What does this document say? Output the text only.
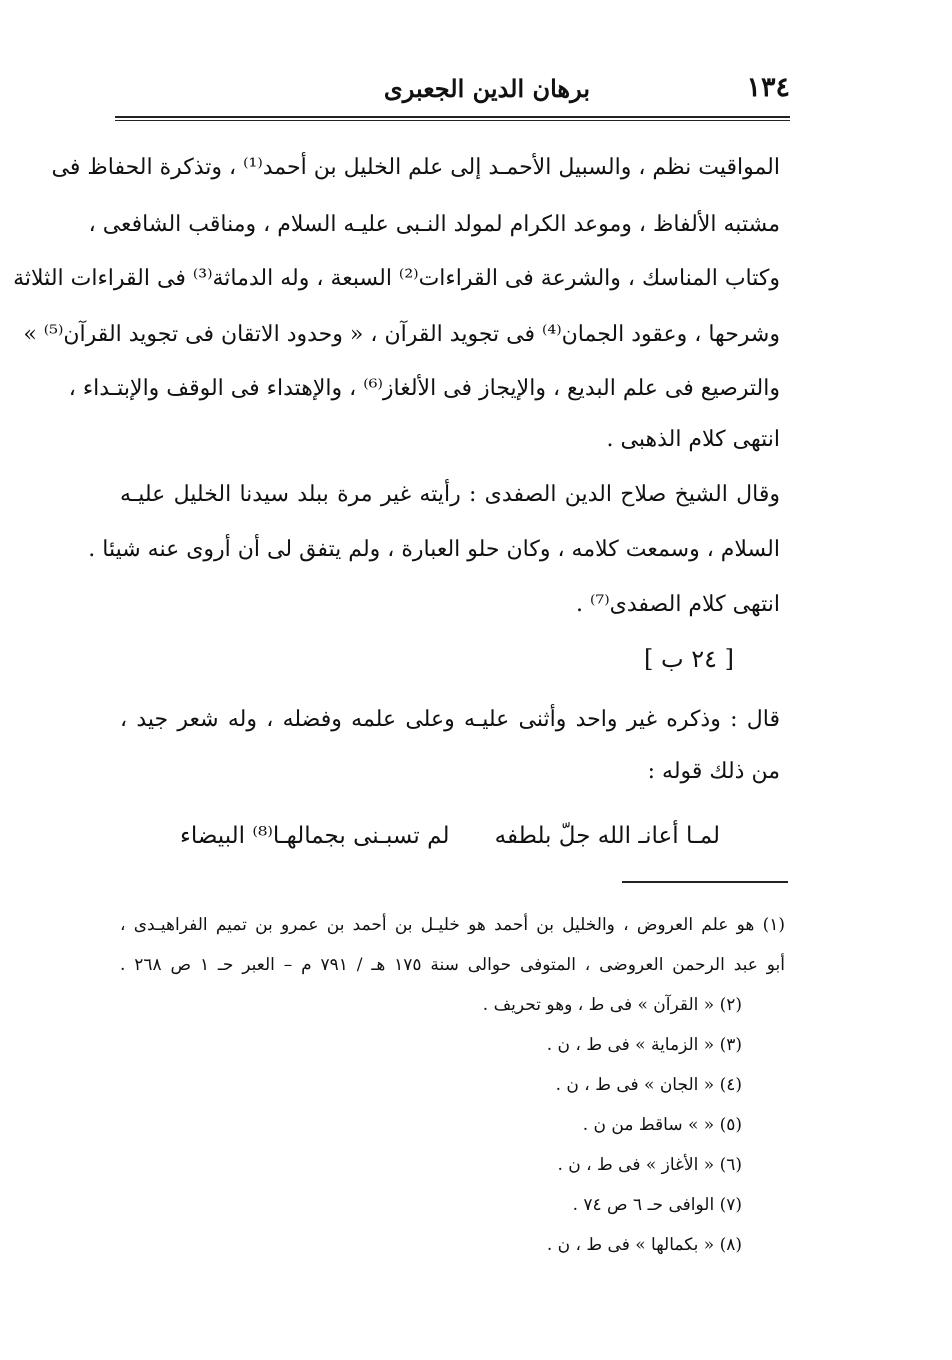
١٣٤
برهان الدين الجعبرى
المواقيت نظم ، والسبيل الأحمـد إلى علم الخليل بن أحمد⁽¹⁾ ، وتذكرة الحفاظ فى
مشتبه الألفاظ ، وموعد الكرام لمولد النـبى عليـه السلام ، ومناقب الشافعى ،
وكتاب المناسك ، والشرعة فى القراءات⁽²⁾ السبعة ، وله الدماثة⁽³⁾ فى القراءات الثلاثة
وشرحها ، وعقود الجمان⁽⁴⁾ فى تجويد القرآن ، « وحدود الاتقان فى تجويد القرآن⁽⁵⁾ »
والترصيع فى علم البديع ، والإيجاز فى الألغاز⁽⁶⁾ ، والإهتداء فى الوقف والإبتـداء ،
انتهى كلام الذهبى .
وقال الشيخ صلاح الدين الصفدى : رأيته غير مرة ببلد سيدنا الخليل عليـه
السلام ، وسمعت كلامه ، وكان حلو العبارة ، ولم يتفق لى أن أروى عنه شيئا .
انتهى كلام الصفدى⁽⁷⁾ .
[ ٢٤ ب ]
قال : وذكره غير واحد وأثنى عليـه وعلى علمه وفضله ، وله شعر جيد ،
من ذلك قوله :
لمـا أعانـ الله جلّ بلطفه
لم تسبـنى بجمالهـا⁽⁸⁾ البيضاء
(١) هو علم العروض ، والخليل بن أحمد هو خليـل بن أحمد بن عمرو بن تميم الفراهيـدى ،
أبو عبد الرحمن العروضى ، المتوفى حوالى سنة ١٧٥ هـ / ٧٩١ م – العبر حـ ١ ص ٢٦٨ .
(٢) « القرآن » فى ط ، وهو تحريف .
(٣) « الزماية » فى ط ، ن .
(٤) « الجان » فى ط ، ن .
(٥) « » ساقط من ن .
(٦) « الأغاز » فى ط ، ن .
(٧) الوافى حـ ٦ ص ٧٤ .
(٨) « بكمالها » فى ط ، ن .
